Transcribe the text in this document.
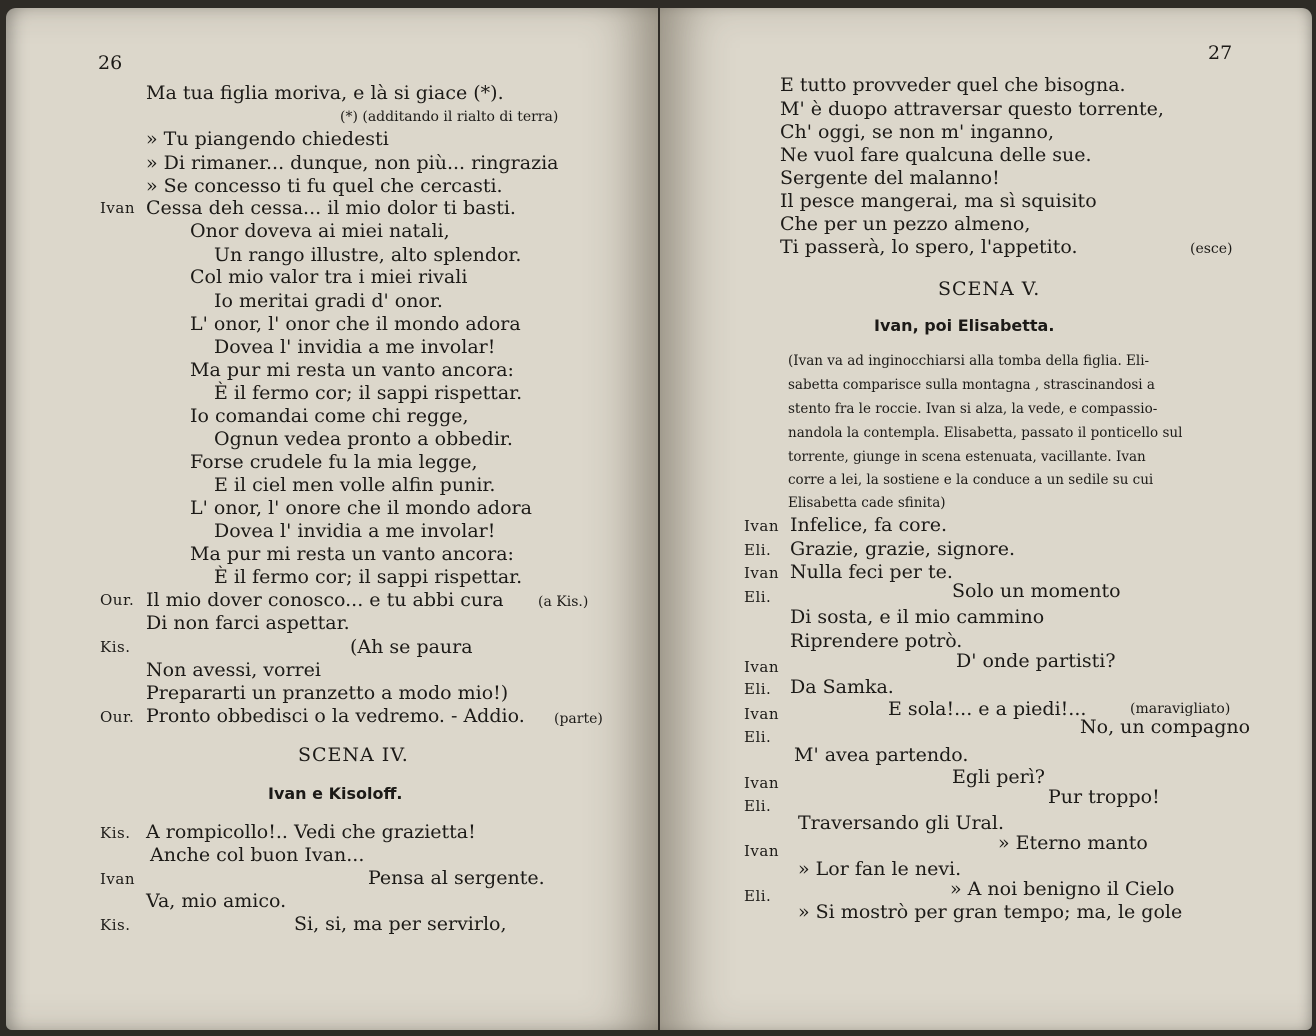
26
Ma tua figlia moriva, e là si giace (*).
(*) (additando il rialto di terra)
» Tu piangendo chiedesti
» Di rimaner... dunque, non più... ringrazia
» Se concesso ti fu quel che cercasti.
Ivan Cessa deh cessa... il mio dolor ti basti.
Onor doveva ai miei natali,
Un rango illustre, alto splendor.
Col mio valor tra i miei rivali
Io meritai gradi d' onor.
L' onor, l' onor che il mondo adora
Dovea l' invidia a me involar!
Ma pur mi resta un vanto ancora:
È il fermo cor; il sappi rispettar.
Io comandai come chi regge,
Ognun vedea pronto a obbedir.
Forse crudele fu la mia legge,
E il ciel men volle alfin punir.
L' onor, l' onore che il mondo adora
Dovea l' invidia a me involar!
Ma pur mi resta un vanto ancora:
È il fermo cor; il sappi rispettar.
Our. Il mio dover conosco... e tu abbi cura (a Kis.)
Di non farci aspettar.
Kis.	(Ah se paura
Non avessi, vorrei
Prepararti un pranzetto a modo mio!)
Our. Pronto obbedisci o la vedremo. - Addio. (parte)
SCENA IV.
Ivan e Kisoloff.
Kis. A rompicollo!.. Vedi che grazietta!
Anche col buon Ivan...
Ivan	Pensa al sergente.
Va, mio amico.
Kis.	Si, si, ma per servirlo,
27
E tutto provveder quel che bisogna.
M' è duopo attraversar questo torrente,
Ch' oggi, se non m' inganno,
Ne vuol fare qualcuna delle sue.
Sergente del malanno!
Il pesce mangerai, ma sì squisito
Che per un pezzo almeno,
Ti passerà, lo spero, l'appetito.	(esce)
SCENA V.
Ivan, poi Elisabetta.
(Ivan va ad inginocchiarsi alla tomba della figlia. Eli-
sabetta comparisce sulla montagna , strascinandosi a
stento fra le roccie. Ivan si alza, la vede, e compassio-
nandola la contempla. Elisabetta, passato il ponticello sul
torrente, giunge in scena estenuata, vacillante. Ivan
corre a lei, la sostiene e la conduce a un sedile su cui
Elisabetta cade sfinita)
Ivan Infelice, fa core.
Eli. Grazie, grazie, signore.
Ivan Nulla feci per te.
Eli.	Solo un momento
Di sosta, e il mio cammino
Riprendere potrò.
Ivan	D' onde partisti?
Eli. Da Samka.
Ivan	E sola!... e a piedi!...	(maravigliato)
Eli.	No, un compagno
M' avea partendo.
Ivan	Egli perì?
Eli.	Pur troppo!
Traversando gli Ural.
Ivan	» Eterno manto
» Lor fan le nevi.
Eli.	» A noi benigno il Cielo
» Si mostrò per gran tempo; ma, le gole
